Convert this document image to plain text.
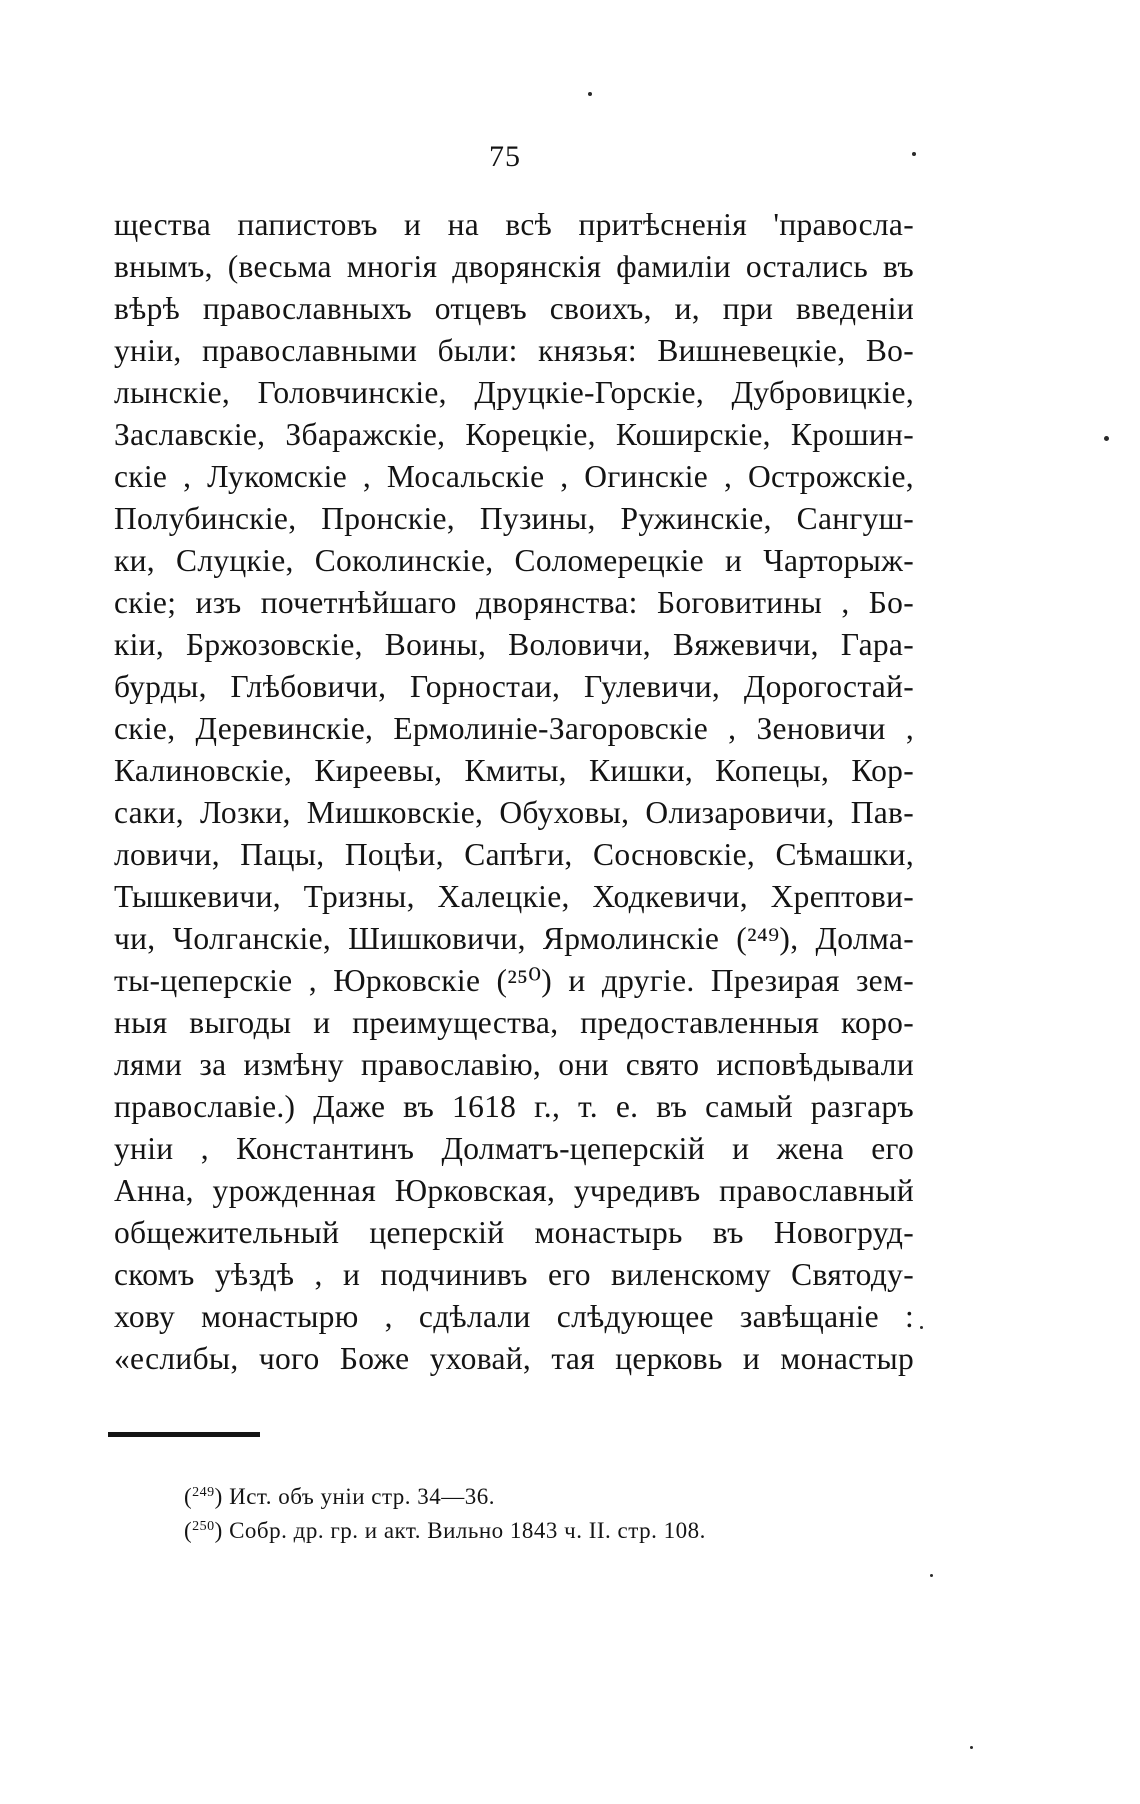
75
щества папистовъ и на всѣ притѣсненія 'правосла-
внымъ, (весьма многія дворянскія фамиліи остались въ
вѣрѣ православныхъ отцевъ своихъ, и, при введеніи
уніи, православными были: князья: Вишневецкіе, Во-
лынскіе, Головчинскіе, Друцкіе-Горскіе, Дубровицкіе,
Заславскіе, Збаражскіе, Корецкіе, Коширскіе, Крошин-
скіе , Лукомскіе , Мосальскіе , Огинскіе , Острожскіе,
Полубинскіе, Пронскіе, Пузины, Ружинскіе, Сангуш-
ки, Слуцкіе, Соколинскіе, Соломерецкіе и Чарторыж-
скіе; изъ почетнѣйшаго дворянства: Боговитины , Бо-
кіи, Бржозовскіе, Воины, Воловичи, Вяжевичи, Гара-
бурды, Глѣбовичи, Горностаи, Гулевичи, Дорогостай-
скіе, Деревинскіе, Ермолиніе-Загоровскіе , Зеновичи ,
Калиновскіе, Киреевы, Кмиты, Кишки, Копецы, Кор-
саки, Лозки, Мишковскіе, Обуховы, Олизаровичи, Пав-
ловичи, Пацы, Поцѣи, Сапѣги, Сосновскіе, Сѣмашки,
Тышкевичи, Тризны, Халецкіе, Ходкевичи, Хрептови-
чи, Чолганскіе, Шишковичи, Ярмолинскіе (²⁴⁹), Долма-
ты-цеперскіе , Юрковскіе (²⁵⁰) и другіе. Презирая зем-
ныя выгоды и преимущества, предоставленныя коро-
лями за измѣну православію, они свято исповѣдывали
православіе.) Даже въ 1618 г., т. е. въ самый разгаръ
уніи , Константинъ Долматъ-цеперскій и жена его
Анна, урожденная Юрковская, учредивъ православный
общежительный цеперскій монастырь въ Новогруд-
скомъ уѣздѣ , и подчинивъ его виленскому Святоду-
хову монастырю , сдѣлали слѣдующее завѣщаніе :
«еслибы, чого Боже уховай, тая церковь и монастыр
($^{249}$) Ист. объ уніи стр. 34—36.
($^{250}$) Собр. др. гр. и акт. Вильно 1843 ч. II. стр. 108.
